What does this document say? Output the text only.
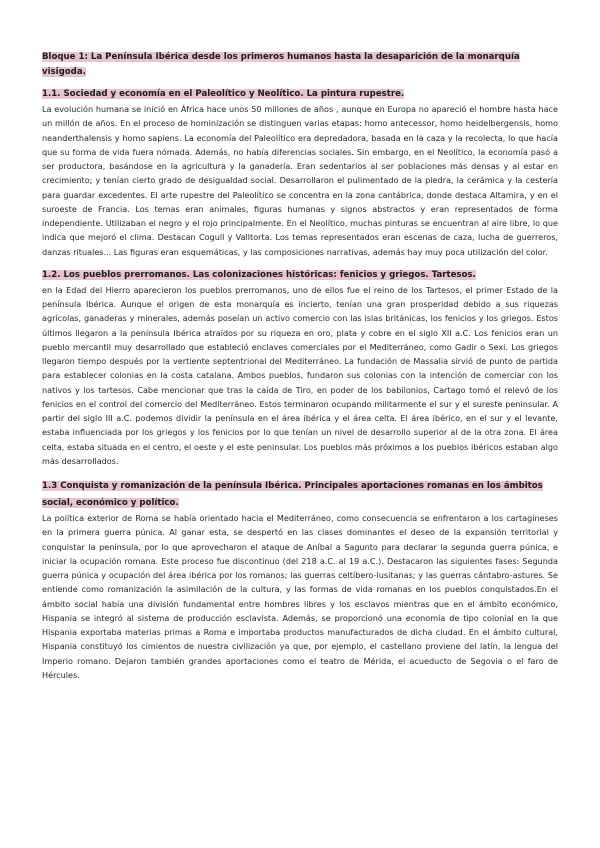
Bloque 1: La Península Ibérica desde los primeros humanos hasta la desaparición de la monarquía visigoda.
1.1. Sociedad y economía en el Paleolítico y Neolítico. La pintura rupestre.

La evolución humana se inició en África hace unos 50 millones de años , aunque en Europa no apareció el hombre hasta hace un millón de años. En el proceso de hominización se distinguen varias etapas: homo antecessor, homo heidelbergensis, homo neanderthalensis y homo sapiens. La economía del Paleolítico era depredadora, basada en la caza y la recolecta, lo que hacía que su forma de vida fuera nómada. Además, no había diferencias sociales. Sin embargo, en el Neolítico, la economía pasó a ser productora, basándose en la agricultura y la ganadería. Eran sedentarios al ser poblaciones más densas y al estar en crecimiento; y tenían cierto grado de desigualdad social. Desarrollaron el pulimentado de la piedra, la cerámica y la cestería para guardar excedentes. El arte rupestre del Paleolítico se concentra en la zona cantábrica, donde destaca Altamira, y en el suroeste de Francia. Los temas eran animales, figuras humanas y signos abstractos y eran representados de forma independiente. Utilizaban el negro y el rojo principalmente. En el Neolítico, muchas pinturas se encuentran al aire libre, lo que indica que mejoró el clima. Destacan Cogull y Valltorta. Los temas representados eran escenas de caza, lucha de guerreros, danzas rituales... Las figuras eran esquemáticas, y las composiciones narrativas, además hay muy poca utilización del color.

1.2. Los pueblos prerromanos. Las colonizaciones históricas: fenicios y griegos. Tartesos.

en la Edad del Hierro aparecieron los pueblos prerromanos, uno de ellos fue el reino de los Tartesos, el primer Estado de la península Ibérica. Aunque el origen de esta monarquía es incierto, tenían una gran prosperidad debido a sus riquezas agrícolas, ganaderas y minerales, además poseían un activo comercio con las islas británicas, los fenicios y los griegos. Estos últimos llegaron a la península Ibérica atraídos por su riqueza en oro, plata y cobre en el siglo XII a.C. Los fenicios eran un pueblo mercantil muy desarrollado que estableció enclaves comerciales por el Mediterráneo, como Gadir o Sexi. Los griegos llegaron tiempo después por la vertiente septentrional del Mediterráneo. La fundación de Massalia sirvió de punto de partida para establecer colonias en la costa catalana. Ambos pueblos, fundaron sus colonias con la intención de comerciar con los nativos y los tartesos. Cabe mencionar que tras la caída de Tiro, en poder de los babilonios, Cartago tomó el relevó de los fenicios en el control del comercio del Mediterráneo. Estos terminaron ocupando militarmente el sur y el sureste peninsular. A partir del siglo III a.C. podemos dividir la península en el área ibérica y el área celta. El área ibérico, en el sur y el levante, estaba influenciada por los griegos y los fenicios por lo que tenían un nivel de desarrollo superior al de la otra zona. El área celta, estaba situada en el centro, el oeste y el este peninsular. Los pueblos más próximos a los pueblos ibéricos estaban algo más desarrollados.

1.3 Conquista y romanización de la península Ibérica. Principales aportaciones romanas en los ámbitos social, económico y político.

La política exterior de Roma se había orientado hacia el Mediterráneo, como consecuencia se enfrentaron a los cartagineses en la primera guerra púnica. Al ganar esta, se despertó en las clases dominantes el deseo de la expansión territorial y conquistar la península, por lo que aprovecharon el ataque de Aníbal a Sagunto para declarar la segunda guerra púnica, e iniciar la ocupación romana. Este proceso fue discontinuo (del 218 a.C. al 19 a.C.). Destacaron las siguientes fases: Segunda guerra púnica y ocupación del área ibérica por los romanos; las guerras celtíbero-lusitanas; y las guerras cántabro-astures. Se entiende como romanización la asimilación de la cultura, y las formas de vida romanas en los pueblos conquistados.En el ámbito social había una división fundamental entre hombres libres y los esclavos mientras que en el ámbito económico, Hispania se integró al sistema de producción esclavista. Además, se proporcionó una economía de tipo colonial en la que Hispania exportaba materias primas a Roma e importaba productos manufacturados de dicha ciudad. En el ámbito cultural, Hispania constituyó los cimientos de nuestra civilización ya que, por ejemplo, el castellano proviene del latín, la lengua del Imperio romano. Dejaron también grandes aportaciones como el teatro de Mérida, el acueducto de Segovia o el faro de Hércules.
